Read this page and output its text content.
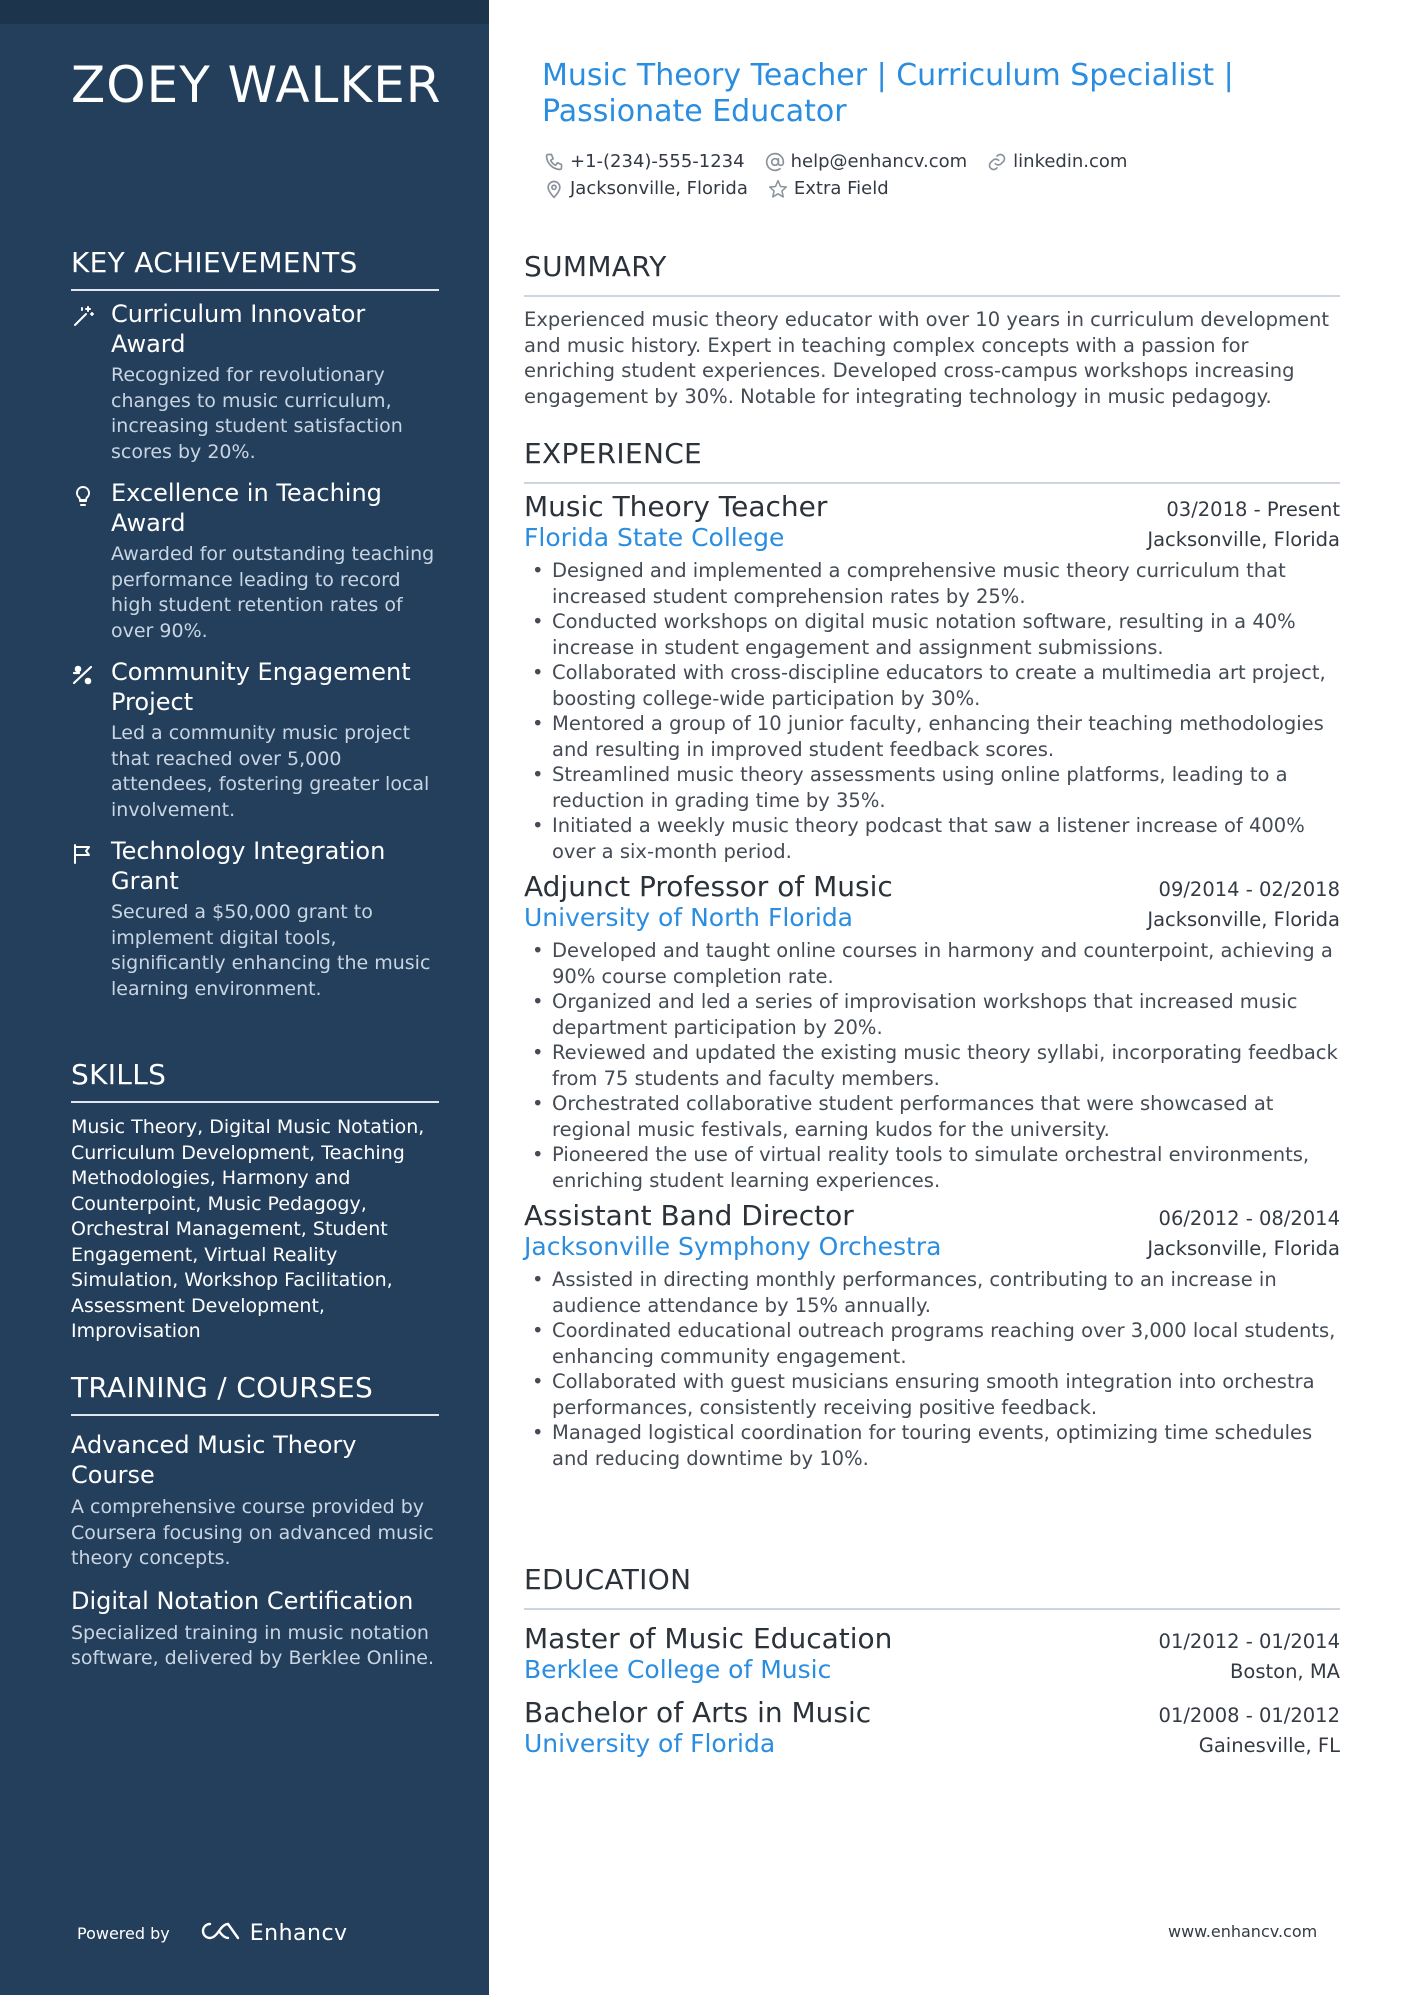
ZOEY WALKER
KEY ACHIEVEMENTS
Curriculum Innovator Award
Recognized for revolutionary changes to music curriculum, increasing student satisfaction scores by 20%.
Excellence in Teaching Award
Awarded for outstanding teaching performance leading to record high student retention rates of over 90%.
Community Engagement Project
Led a community music project that reached over 5,000 attendees, fostering greater local involvement.
Technology Integration Grant
Secured a $50,000 grant to implement digital tools, significantly enhancing the music learning environment.
SKILLS
Music Theory, Digital Music Notation, Curriculum Development, Teaching Methodologies, Harmony and Counterpoint, Music Pedagogy, Orchestral Management, Student Engagement, Virtual Reality Simulation, Workshop Facilitation, Assessment Development, Improvisation
TRAINING / COURSES
Advanced Music Theory Course
A comprehensive course provided by Coursera focusing on advanced music theory concepts.
Digital Notation Certification
Specialized training in music notation software, delivered by Berklee Online.
Powered by	Enhancv
Music Theory Teacher | Curriculum Specialist | Passionate Educator
+1-(234)-555-1234	help@enhancv.com	linkedin.com
Jacksonville, Florida	Extra Field
SUMMARY
Experienced music theory educator with over 10 years in curriculum development and music history. Expert in teaching complex concepts with a passion for enriching student experiences. Developed cross-campus workshops increasing engagement by 30%. Notable for integrating technology in music pedagogy.
EXPERIENCE
Music Theory Teacher	03/2018 - Present
Florida State College	Jacksonville, Florida
• Designed and implemented a comprehensive music theory curriculum that increased student comprehension rates by 25%.
• Conducted workshops on digital music notation software, resulting in a 40% increase in student engagement and assignment submissions.
• Collaborated with cross-discipline educators to create a multimedia art project, boosting college-wide participation by 30%.
• Mentored a group of 10 junior faculty, enhancing their teaching methodologies and resulting in improved student feedback scores.
• Streamlined music theory assessments using online platforms, leading to a reduction in grading time by 35%.
• Initiated a weekly music theory podcast that saw a listener increase of 400% over a six-month period.
Adjunct Professor of Music	09/2014 - 02/2018
University of North Florida	Jacksonville, Florida
• Developed and taught online courses in harmony and counterpoint, achieving a 90% course completion rate.
• Organized and led a series of improvisation workshops that increased music department participation by 20%.
• Reviewed and updated the existing music theory syllabi, incorporating feedback from 75 students and faculty members.
• Orchestrated collaborative student performances that were showcased at regional music festivals, earning kudos for the university.
• Pioneered the use of virtual reality tools to simulate orchestral environments, enriching student learning experiences.
Assistant Band Director	06/2012 - 08/2014
Jacksonville Symphony Orchestra	Jacksonville, Florida
• Assisted in directing monthly performances, contributing to an increase in audience attendance by 15% annually.
• Coordinated educational outreach programs reaching over 3,000 local students, enhancing community engagement.
• Collaborated with guest musicians ensuring smooth integration into orchestra performances, consistently receiving positive feedback.
• Managed logistical coordination for touring events, optimizing time schedules and reducing downtime by 10%.
EDUCATION
Master of Music Education	01/2012 - 01/2014
Berklee College of Music	Boston, MA
Bachelor of Arts in Music	01/2008 - 01/2012
University of Florida	Gainesville, FL
www.enhancv.com
